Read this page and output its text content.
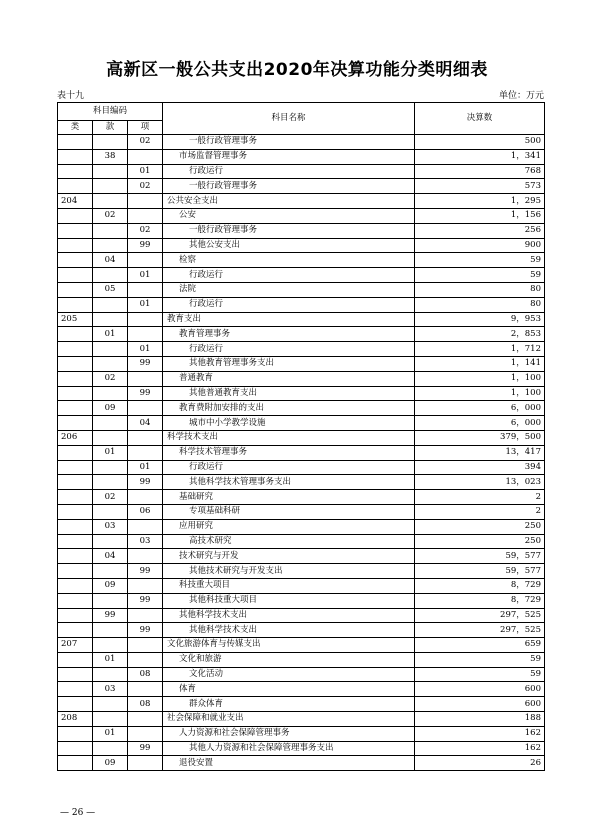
高新区一般公共支出2020年决算功能分类明细表
表十九	单位：万元
科目编码			科目名称	决算数
类	款	项		
		02	一般行政管理事务	500
	38		市场监督管理事务	1，341
		01	行政运行	768
		02	一般行政管理事务	573
204			公共安全支出	1，295
	02		公安	1，156
		02	一般行政管理事务	256
		99	其他公安支出	900
	04		检察	59
		01	行政运行	59
	05		法院	80
		01	行政运行	80
205			教育支出	9，953
	01		教育管理事务	2，853
		01	行政运行	1，712
		99	其他教育管理事务支出	1，141
	02		普通教育	1，100
		99	其他普通教育支出	1，100
	09		教育费附加安排的支出	6，000
		04	城市中小学教学设施	6，000
206			科学技术支出	379，500
	01		科学技术管理事务	13，417
		01	行政运行	394
		99	其他科学技术管理事务支出	13，023
	02		基础研究	2
		06	专项基础科研	2
	03		应用研究	250
		03	高技术研究	250
	04		技术研究与开发	59，577
		99	其他技术研究与开发支出	59，577
	09		科技重大项目	8，729
		99	其他科技重大项目	8，729
	99		其他科学技术支出	297，525
		99	其他科学技术支出	297，525
207			文化旅游体育与传媒支出	659
	01		文化和旅游	59
		08	文化活动	59
	03		体育	600
		08	群众体育	600
208			社会保障和就业支出	188
	01		人力资源和社会保障管理事务	162
		99	其他人力资源和社会保障管理事务支出	162
	09		退役安置	26
— 26 —
